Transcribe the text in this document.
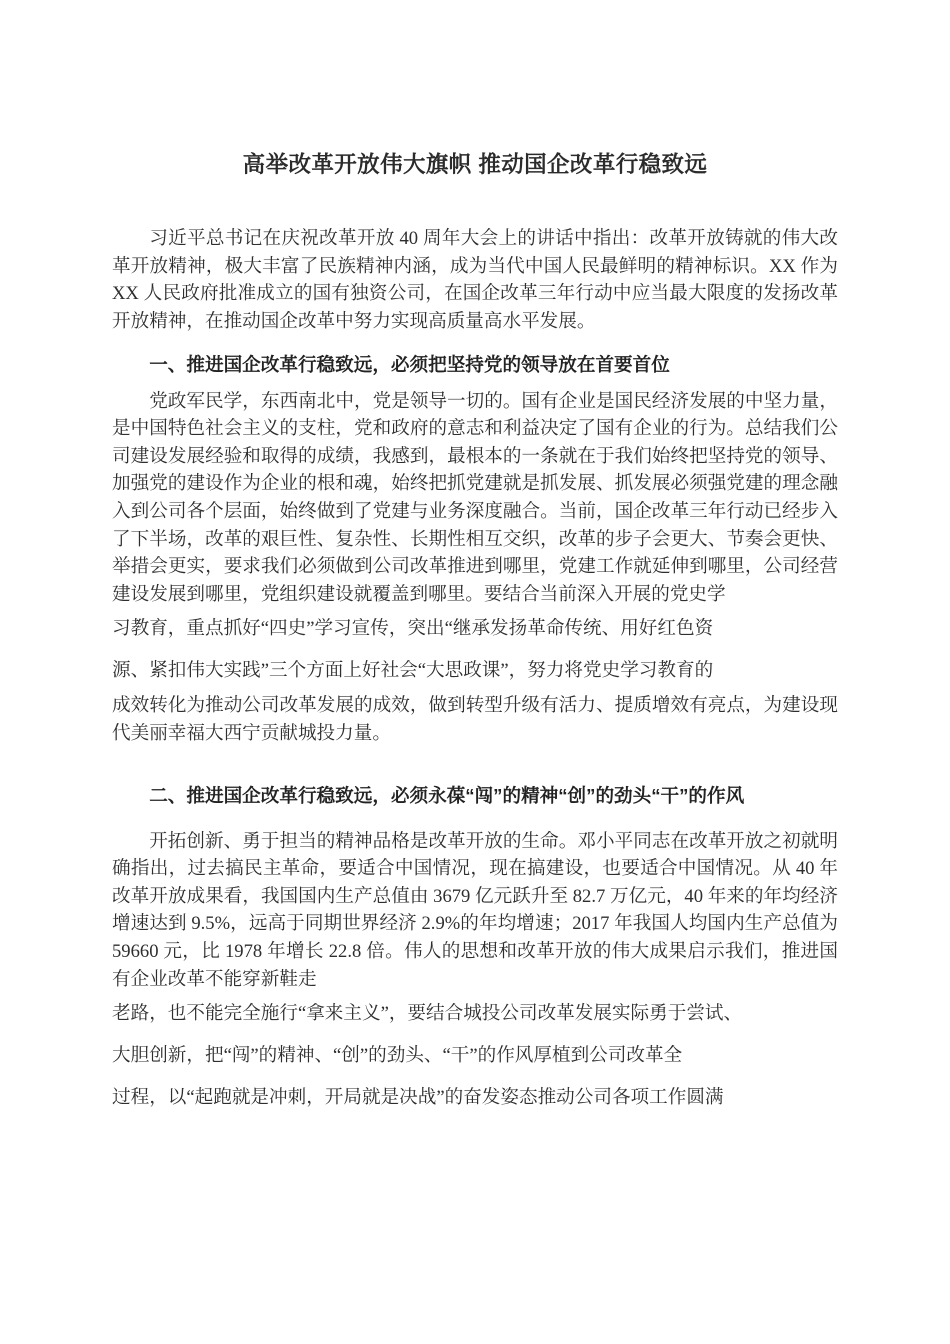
高举改革开放伟大旗帜 推动国企改革行稳致远

习近平总书记在庆祝改革开放 40 周年大会上的讲话中指出：改革开放铸就的伟大改革开放精神，极大丰富了民族精神内涵，成为当代中国人民最鲜明的精神标识。XX 作为 XX 人民政府批准成立的国有独资公司，在国企改革三年行动中应当最大限度的发扬改革开放精神，在推动国企改革中努力实现高质量高水平发展。

一、推进国企改革行稳致远，必须把坚持党的领导放在首要首位

党政军民学，东西南北中，党是领导一切的。国有企业是国民经济发展的中坚力量，是中国特色社会主义的支柱，党和政府的意志和利益决定了国有企业的行为。总结我们公司建设发展经验和取得的成绩，我感到，最根本的一条就在于我们始终把坚持党的领导、加强党的建设作为企业的根和魂，始终把抓党建就是抓发展、抓发展必须强党建的理念融入到公司各个层面，始终做到了党建与业务深度融合。当前，国企改革三年行动已经步入了下半场，改革的艰巨性、复杂性、长期性相互交织，改革的步子会更大、节奏会更快、举措会更实，要求我们必须做到公司改革推进到哪里，党建工作就延伸到哪里，公司经营建设发展到哪里，党组织建设就覆盖到哪里。要结合当前深入开展的党史学

习教育，重点抓好“四史”学习宣传，突出“继承发扬革命传统、用好红色资

源、紧扣伟大实践”三个方面上好社会“大思政课”，努力将党史学习教育的

成效转化为推动公司改革发展的成效，做到转型升级有活力、提质增效有亮点，为建设现代美丽幸福大西宁贡献城投力量。

二、推进国企改革行稳致远，必须永葆“闯”的精神“创”的劲头“干”的作风

开拓创新、勇于担当的精神品格是改革开放的生命。邓小平同志在改革开放之初就明确指出，过去搞民主革命，要适合中国情况，现在搞建设，也要适合中国情况。从 40 年改革开放成果看，我国国内生产总值由 3679 亿元跃升至 82.7 万亿元，40 年来的年均经济增速达到 9.5%，远高于同期世界经济 2.9%的年均增速；2017 年我国人均国内生产总值为 59660 元，比 1978 年增长 22.8 倍。伟人的思想和改革开放的伟大成果启示我们，推进国有企业改革不能穿新鞋走

老路，也不能完全施行“拿来主义”，要结合城投公司改革发展实际勇于尝试、

大胆创新，把“闯”的精神、“创”的劲头、“干”的作风厚植到公司改革全

过程，以“起跑就是冲刺，开局就是决战”的奋发姿态推动公司各项工作圆满
